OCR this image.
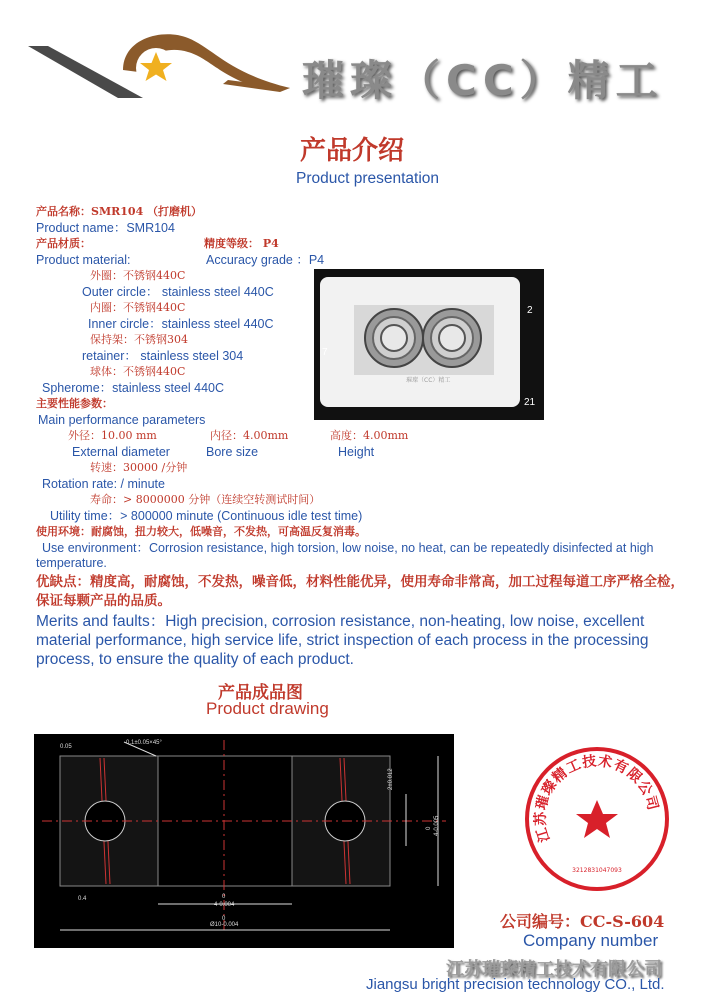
璀璨（CC）精工
产品介绍
Product presentation
产品名称：SMR104 （打磨机）
Product name：SMR104
产品材质：	精度等级： P4
Product material:	Accuracy grade ：P4
外圈：不锈钢440C
Outer circle： stainless steel 440C
内圈：不锈钢440C
Inner circle：stainless steel 440C
保持架：不锈钢304
retainer： stainless steel 304
球体：不锈钢440C
Spherome：stainless steel 440C
主要性能参数：
Main performance parameters
外径：10.00 mm	内径：4.00mm	高度：4.00mm
External diameter	Bore size	Height
转速：30000 /分钟
Rotation rate: / minute
寿命：> 8000000 分钟（连续空转测试时间）
Utility time：> 800000 minute (Continuous idle test time)
使用环境：耐腐蚀，扭力较大，低噪音，不发热，可高温反复消毒。
Use environment：Corrosion resistance, high torsion, low noise, no heat, can be repeatedly disinfected at high temperature.
优缺点：精度高，耐腐蚀，不发热，噪音低，材料性能优异，使用寿命非常高，加工过程每道工序严格全检，保证每颗产品的品质。
Merits and faults：High precision, corrosion resistance, non-heating, low noise, excellent material performance, high service life, strict inspection of each process in the processing process, to ensure the quality of each product.
璀璨（CC）精工
2
7
21
产品成品图
Product drawing
0.1±0.05×45°
0.05
0.4	0
4-0.004
0
Ø10-0.004
2±0.012
0 4-0.005	江苏璀璨精工技术有限公司
3212831047093
公司编号：CC-S-604
Company number
江苏璀璨精工技术有限公司
Jiangsu bright precision technology CO., Ltd.
